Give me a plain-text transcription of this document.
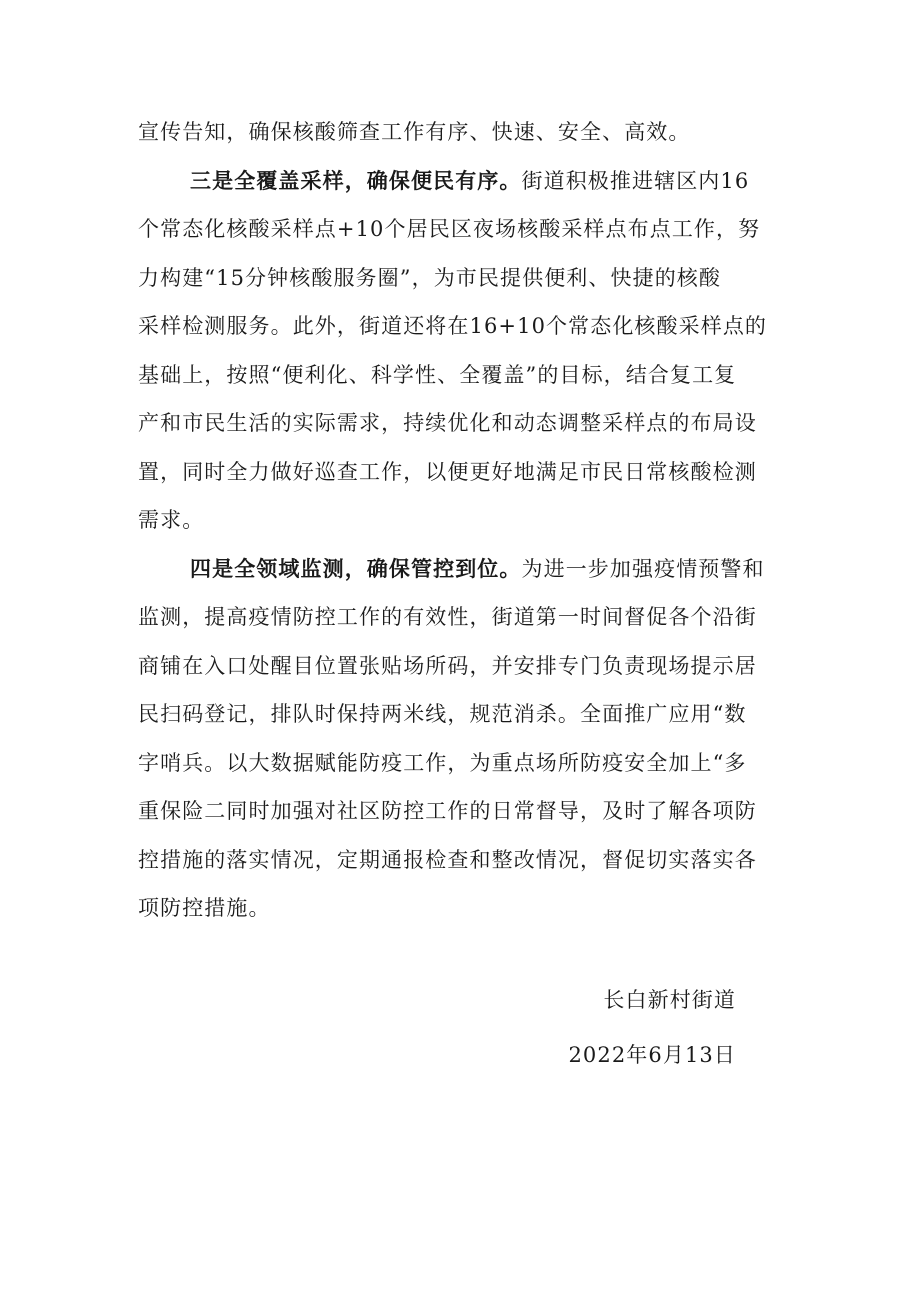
宣传告知，确保核酸筛查工作有序、快速、安全、高效。
三是全覆盖采样，确保便民有序。街道积极推进辖区内16
个常态化核酸采样点+10个居民区夜场核酸采样点布点工作，努
力构建“15分钟核酸服务圈”，为市民提供便利、快捷的核酸
采样检测服务。此外，街道还将在16+10个常态化核酸采样点的
基础上，按照“便利化、科学性、全覆盖”的目标，结合复工复
产和市民生活的实际需求，持续优化和动态调整采样点的布局设
置，同时全力做好巡查工作，以便更好地满足市民日常核酸检测
需求。
四是全领域监测，确保管控到位。为进一步加强疫情预警和
监测，提高疫情防控工作的有效性，街道第一时间督促各个沿街
商铺在入口处醒目位置张贴场所码，并安排专门负责现场提示居
民扫码登记，排队时保持两米线，规范消杀。全面推广应用“数
字哨兵。以大数据赋能防疫工作，为重点场所防疫安全加上“多
重保险二同时加强对社区防控工作的日常督导，及时了解各项防
控措施的落实情况，定期通报检查和整改情况，督促切实落实各
项防控措施。
长白新村街道
2022年6月13日
